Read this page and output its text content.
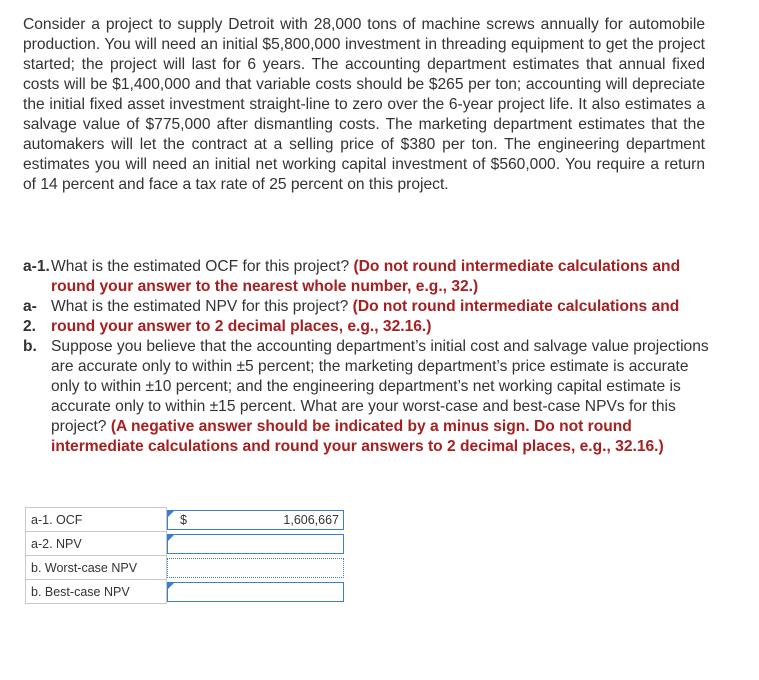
Consider a project to supply Detroit with 28,000 tons of machine screws annually for automobile production. You will need an initial $5,800,000 investment in threading equipment to get the project started; the project will last for 6 years. The accounting department estimates that annual fixed costs will be $1,400,000 and that variable costs should be $265 per ton; accounting will depreciate the initial fixed asset investment straight-line to zero over the 6-year project life. It also estimates a salvage value of $775,000 after dismantling costs. The marketing department estimates that the automakers will let the contract at a selling price of $380 per ton. The engineering department estimates you will need an initial net working capital investment of $560,000. You require a return of 14 percent and face a tax rate of 25 percent on this project.

a-1. What is the estimated OCF for this project? (Do not round intermediate calculations and round your answer to the nearest whole number, e.g., 32.)
a-
2.
What is the estimated NPV for this project? (Do not round intermediate calculations and round your answer to 2 decimal places, e.g., 32.16.)
b. Suppose you believe that the accounting department’s initial cost and salvage value projections are accurate only to within ±5 percent; the marketing department’s price estimate is accurate only to within ±10 percent; and the engineering department’s net working capital estimate is accurate only to within ±15 percent. What are your worst-case and best-case NPVs for this project? (A negative answer should be indicated by a minus sign. Do not round intermediate calculations and round your answers to 2 decimal places, e.g., 32.16.)
a-1. OCF	$ 1,606,667

a-2. NPV	

b. Worst-case NPV	

b. Best-case NPV	
